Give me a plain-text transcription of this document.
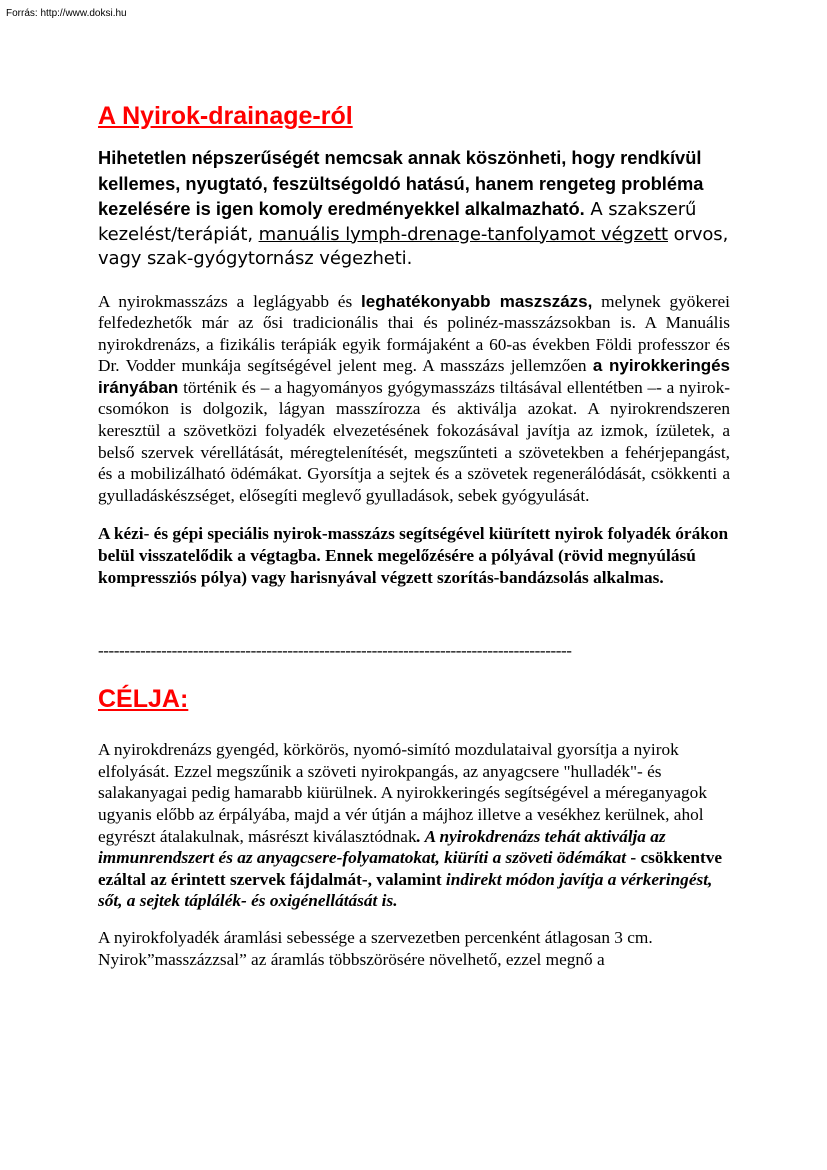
Forrás: http://www.doksi.hu
A Nyirok-drainage-ról

Hihetetlen népszerűségét nemcsak annak köszönheti, hogy rendkívül kellemes, nyugtató, feszültségoldó hatású, hanem rengeteg probléma kezelésére is igen komoly eredményekkel alkalmazható. A szakszerű kezelést/terápiát, manuális lymph-drenage-tanfolyamot végzett orvos, vagy szak-gyógytornász végezheti.

A nyirokmasszázs a leglágyabb és leghatékonyabb maszszázs, melynek gyökerei felfedezhetők már az ősi tradicionális thai és polinéz-masszázsokban is. A Manuális nyirokdrenázs, a fizikális terápiák egyik formájaként a 60-as években Földi professzor és Dr. Vodder munkája segítségével jelent meg. A masszázs jellemzően a nyirokkeringés irányában történik és – a hagyományos gyógymasszázs tiltásával ellentétben –- a nyirok-csomókon is dolgozik, lágyan masszírozza és aktiválja azokat. A nyirokrendszeren keresztül a szövetközi folyadék elvezetésének fokozásával javítja az izmok, ízületek, a belső szervek vérellátását, méregtelenítését, megszűnteti a szövetekben a fehérjepangást, és a mobilizálható ödémákat. Gyorsítja a sejtek és a szövetek regenerálódását, csökkenti a gyulladáskészséget, elősegíti meglevő gyulladások, sebek gyógyulását.

A kézi- és gépi speciális nyirok-masszázs segítségével kiürített nyirok folyadék órákon belül visszatelődik a végtagba. Ennek megelőzésére a pólyával (rövid megnyúlású kompressziós pólya) vagy harisnyával végzett szorítás-bandázsolás alkalmas.

------------------------------------------------------------------------------------------
CÉLJA:

A nyirokdrenázs gyengéd, körkörös, nyomó-simító mozdulataival gyorsítja a nyirok elfolyását. Ezzel megszűnik a szöveti nyirokpangás, az anyagcsere "hulladék"- és salakanyagai pedig hamarabb kiürülnek. A nyirokkeringés segítségével a méreganyagok ugyanis előbb az érpályába, majd a vér útján a májhoz illetve a vesékhez kerülnek, ahol egyrészt átalakulnak, másrészt kiválasztódnak. A nyirokdrenázs tehát aktiválja az immunrendszert és az anyagcsere-folyamatokat, kiüríti a szöveti ödémákat - csökkentve ezáltal az érintett szervek fájdalmát-, valamint indirekt módon javítja a vérkeringést, sőt, a sejtek táplálék- és oxigénellátását is.

A nyirokfolyadék áramlási sebessége a szervezetben percenként átlagosan 3 cm. Nyirok”masszázzsal” az áramlás többszörösére növelhető, ezzel megnő a
